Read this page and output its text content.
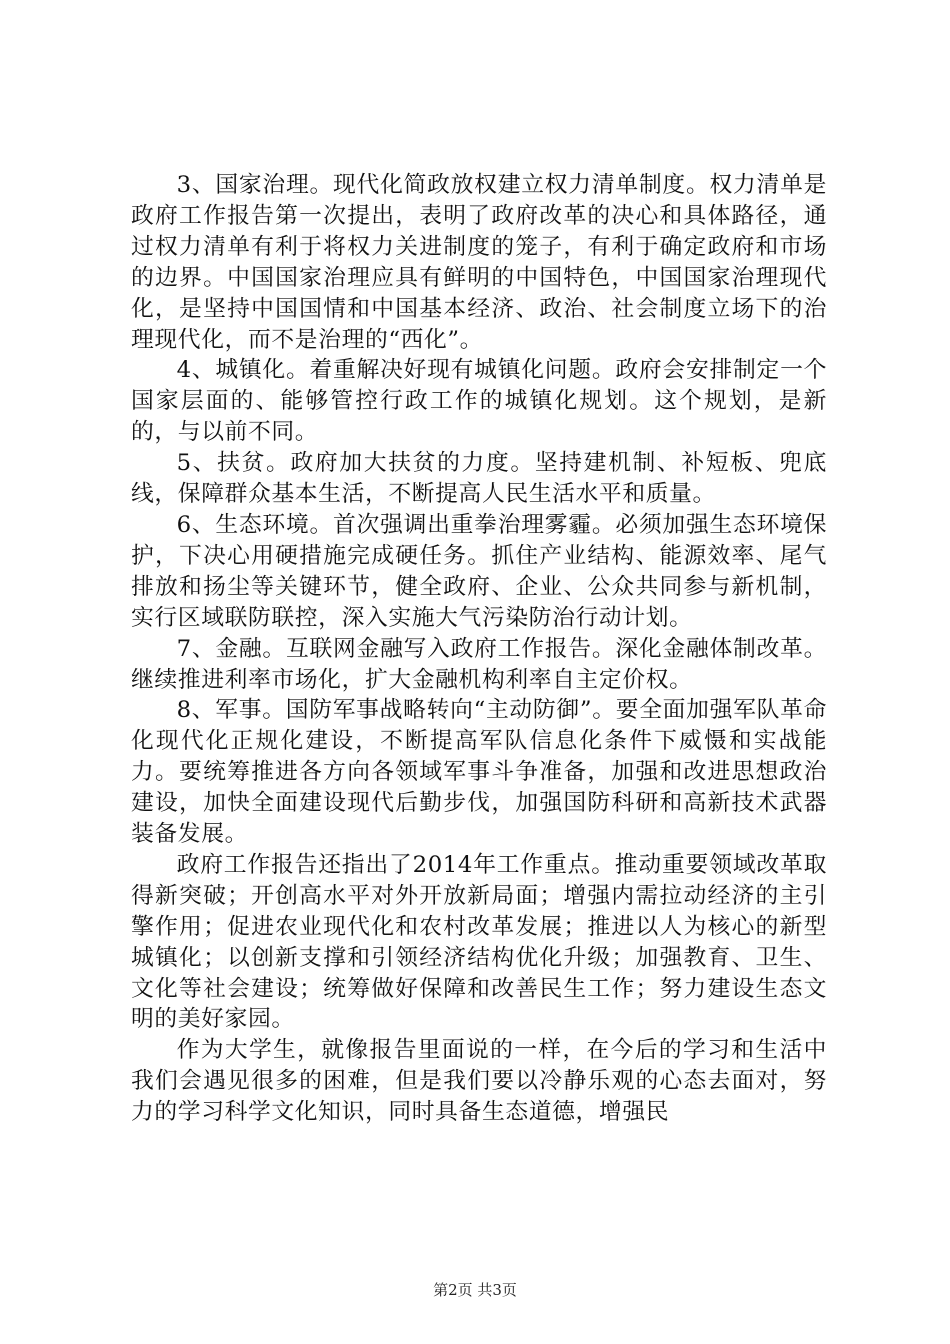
3、国家治理。现代化简政放权建立权力清单制度。权力清单是政府工作报告第一次提出，表明了政府改革的决心和具体路径，通过权力清单有利于将权力关进制度的笼子，有利于确定政府和市场的边界。中国国家治理应具有鲜明的中国特色，中国国家治理现代化，是坚持中国国情和中国基本经济、政治、社会制度立场下的治理现代化，而不是治理的“西化”。

4、城镇化。着重解决好现有城镇化问题。政府会安排制定一个国家层面的、能够管控行政工作的城镇化规划。这个规划，是新的，与以前不同。

5、扶贫。政府加大扶贫的力度。坚持建机制、补短板、兜底线，保障群众基本生活，不断提高人民生活水平和质量。

6、生态环境。首次强调出重拳治理雾霾。必须加强生态环境保护，下决心用硬措施完成硬任务。抓住产业结构、能源效率、尾气排放和扬尘等关键环节，健全政府、企业、公众共同参与新机制，实行区域联防联控，深入实施大气污染防治行动计划。

7、金融。互联网金融写入政府工作报告。深化金融体制改革。继续推进利率市场化，扩大金融机构利率自主定价权。

8、军事。国防军事战略转向“主动防御”。要全面加强军队革命化现代化正规化建设，不断提高军队信息化条件下威慑和实战能力。要统筹推进各方向各领域军事斗争准备，加强和改进思想政治建设，加快全面建设现代后勤步伐，加强国防科研和高新技术武器装备发展。

政府工作报告还指出了2014年工作重点。推动重要领域改革取得新突破；开创高水平对外开放新局面；增强内需拉动经济的主引擎作用；促进农业现代化和农村改革发展；推进以人为核心的新型城镇化；以创新支撑和引领经济结构优化升级；加强教育、卫生、文化等社会建设；统筹做好保障和改善民生工作；努力建设生态文明的美好家园。

作为大学生，就像报告里面说的一样，在今后的学习和生活中我们会遇见很多的困难，但是我们要以冷静乐观的心态去面对，努力的学习科学文化知识，同时具备生态道德，增强民

第2页 共3页
